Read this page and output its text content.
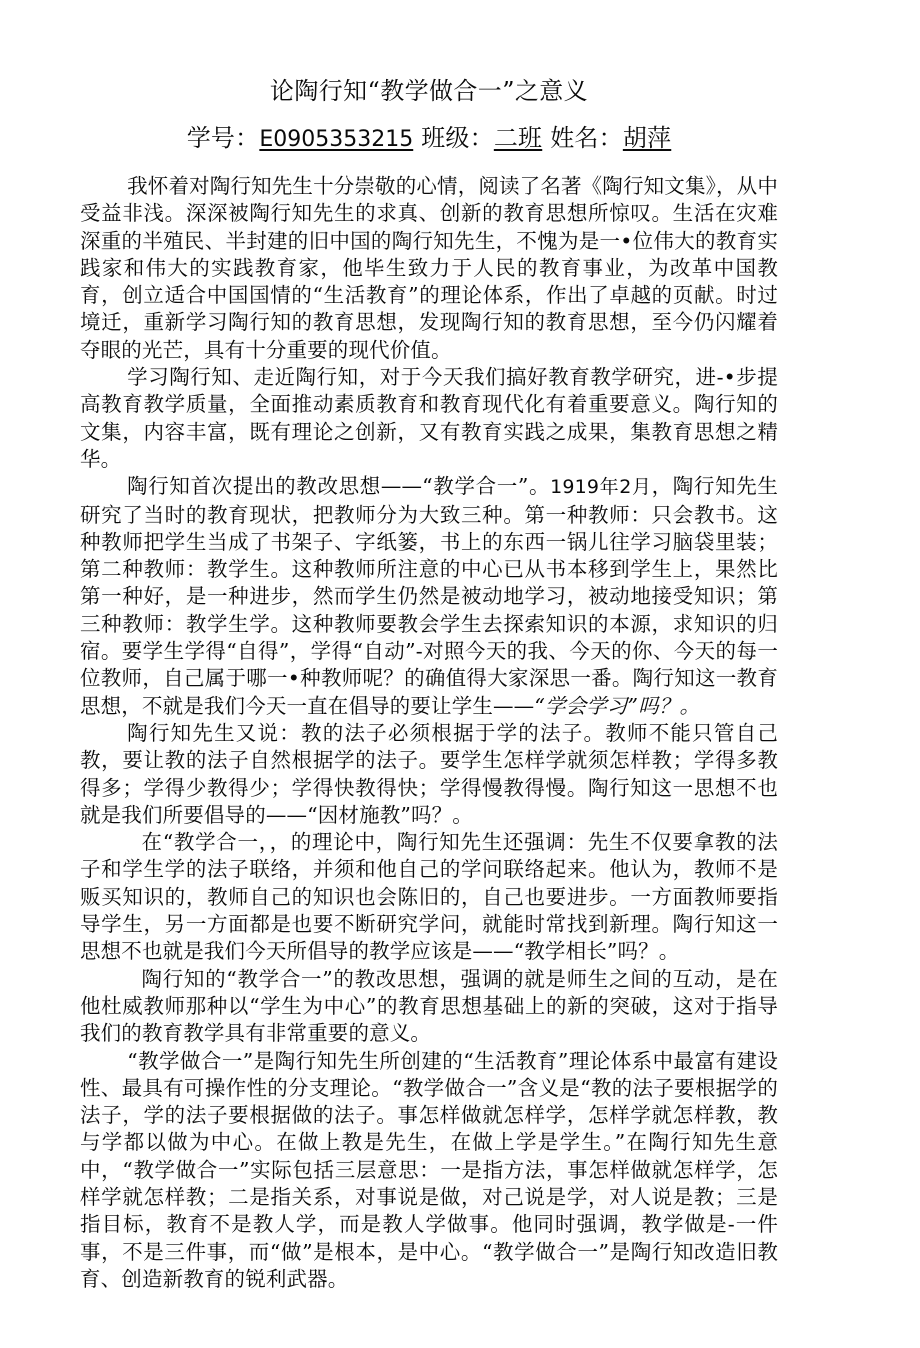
论陶行知“教学做合一”之意义
学号：E0905353215 班级：二班 姓名：胡萍

我怀着对陶行知先生十分崇敬的心情，阅读了名著《陶行知文集》，从中受益非浅。深深被陶行知先生的求真、创新的教育思想所惊叹。生活在灾难深重的半殖民、半封建的旧中国的陶行知先生，不愧为是一•位伟大的教育实践家和伟大的实践教育家，他毕生致力于人民的教育事业，为改革中国教育，创立适合中国国情的“生活教育”的理论体系，作出了卓越的页献。时过境迁，重新学习陶行知的教育思想，发现陶行知的教育思想，至今仍闪耀着夺眼的光芒，具有十分重要的现代价值。

学习陶行知、走近陶行知，对于今天我们搞好教育教学研究，进-•步提高教育教学质量，全面推动素质教育和教育现代化有着重要意义。陶行知的文集，内容丰富，既有理论之创新，又有教育实践之成果，集教育思想之精华。

陶行知首次提出的教改思想——“教学合一”。1919年2月，陶行知先生研究了当时的教育现状，把教师分为大致三种。第一种教师：只会教书。这种教师把学生当成了书架子、字纸篓，书上的东西一锅儿往学习脑袋里装；第二种教师：教学生。这种教师所注意的中心已从书本移到学生上，果然比第一种好，是一种进步，然而学生仍然是被动地学习，被动地接受知识；第三种教师：教学生学。这种教师要教会学生去探索知识的本源，求知识的归宿。要学生学得“自得”，学得“自动”-对照今天的我、今天的你、今天的每一位教师，自己属于哪一•种教师呢？的确值得大家深思一番。陶行知这一教育思想，不就是我们今天一直在倡导的要让学生——“学会学习”吗？。

陶行知先生又说：教的法子必须根据于学的法子。教师不能只管自己教，要让教的法子自然根据学的法子。要学生怎样学就须怎样教；学得多教得多；学得少教得少；学得快教得快；学得慢教得慢。陶行知这一思想不也就是我们所要倡导的——“因材施教”吗？。

在“教学合一，，的理论中，陶行知先生还强调：先生不仅要拿教的法子和学生学的法子联络，并须和他自己的学问联络起来。他认为，教师不是贩买知识的，教师自己的知识也会陈旧的，自己也要进步。一方面教师要指导学生，另一方面都是也要不断研究学问，就能时常找到新理。陶行知这一思想不也就是我们今天所倡导的教学应该是——“教学相长”吗？。

陶行知的“教学合一”的教改思想，强调的就是师生之间的互动，是在他杜威教师那种以“学生为中心”的教育思想基础上的新的突破，这对于指导我们的教育教学具有非常重要的意义。

“教学做合一”是陶行知先生所创建的“生活教育”理论体系中最富有建设性、最具有可操作性的分支理论。“教学做合一”含义是“教的法子要根据学的法子，学的法子要根据做的法子。事怎样做就怎样学，怎样学就怎样教，教与学都以做为中心。在做上教是先生，在做上学是学生。”在陶行知先生意中，“教学做合一”实际包括三层意思：一是指方法，事怎样做就怎样学，怎样学就怎样教；二是指关系，对事说是做，对己说是学，对人说是教；三是指目标，教育不是教人学，而是教人学做事。他同时强调，教学做是-一件事，不是三件事，而“做”是根本，是中心。“教学做合一”是陶行知改造旧教育、创造新教育的锐利武器。
